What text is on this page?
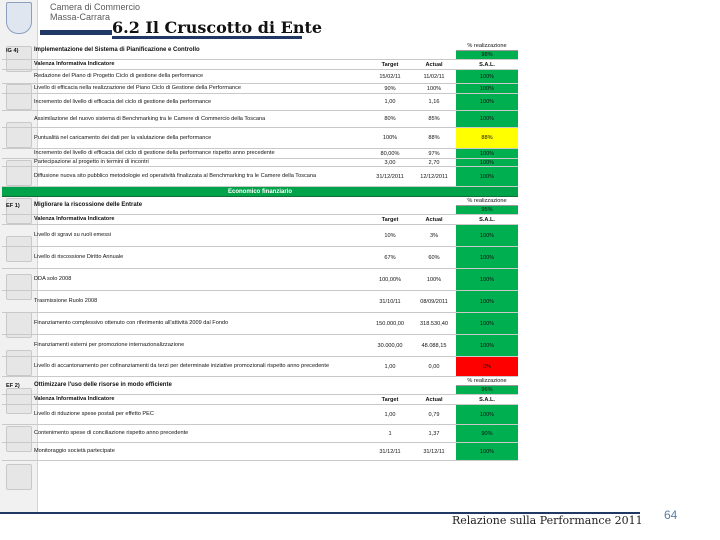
Camera di Commercio
Massa-Carrara
6.2 Il Cruscotto di Ente
IG 4)	Implementazione del Sistema di Pianificazione e Controllo
% realizzazione
98%
Valenza Informativa Indicatore	Target	Actual	S.A.L.
Redazione del Piano di Progetto Ciclo di gestione della performance	15/02/11	11/02/11	100%
Livello di efficacia nella realizzazione del Piano Ciclo di Gestione della Performance	90%	100%	100%
Incremento del livello di efficacia del ciclo di gestione della performance	1,00	1,16	100%
Assimilazione del nuovo sistema di Benchmarking tra le Camere di Commercio della Toscana	80%	85%	100%
Puntualità nel caricamento dei dati per la valutazione della performance	100%	88%	88%
Incremento del livello di efficacia del ciclo di gestione della performance rispetto anno precedente	80,00%	97%	100%
Partecipazione al progetto in termini di incontri	3,00	2,70	100%
Diffusione nuova sito pubblico metodologie ed operatività finalizzata al Benchmarking tra le Camere della Toscana	31/12/2011	12/12/2011	100%
Economico finanziario
EF 1)	Migliorare la riscossione delle Entrate
% realizzazione
95%
Valenza Informativa Indicatore	Target	Actual	S.A.L.
Livello di sgravi su ruoli emessi	10%	3%	100%
Livello di riscossione Diritto Annuale	67%	60%	100%
DDA solo 2008	100,00%	100%	100%
Trasmissione Ruolo 2008	31/10/11	08/09/2011	100%
Finanziamento complessivo ottenuto con riferimento all'attività 2009 dal Fondo	150.000,00	318.530,40	100%
Finanziamenti esterni per promozione internazionalizzazione	30.000,00	48.088,15	100%
Livello di accantonamento per cofinanziamenti da terzi per determinate iniziative promozionali rispetto anno precedente	1,00	0,00	0%
EF 2)	Ottimizzare l'uso delle risorse in modo efficiente
% realizzazione
96%
Valenza Informativa Indicatore	Target	Actual	S.A.L.
Livello di riduzione spese postali per effetto PEC	1,00	0,79	100%
Contenimento spese di conciliazione rispetto anno precedente	1	1,37	90%
Monitoraggio società partecipate	31/12/11	31/12/11	100%
Relazione sulla Performance 2011 64
